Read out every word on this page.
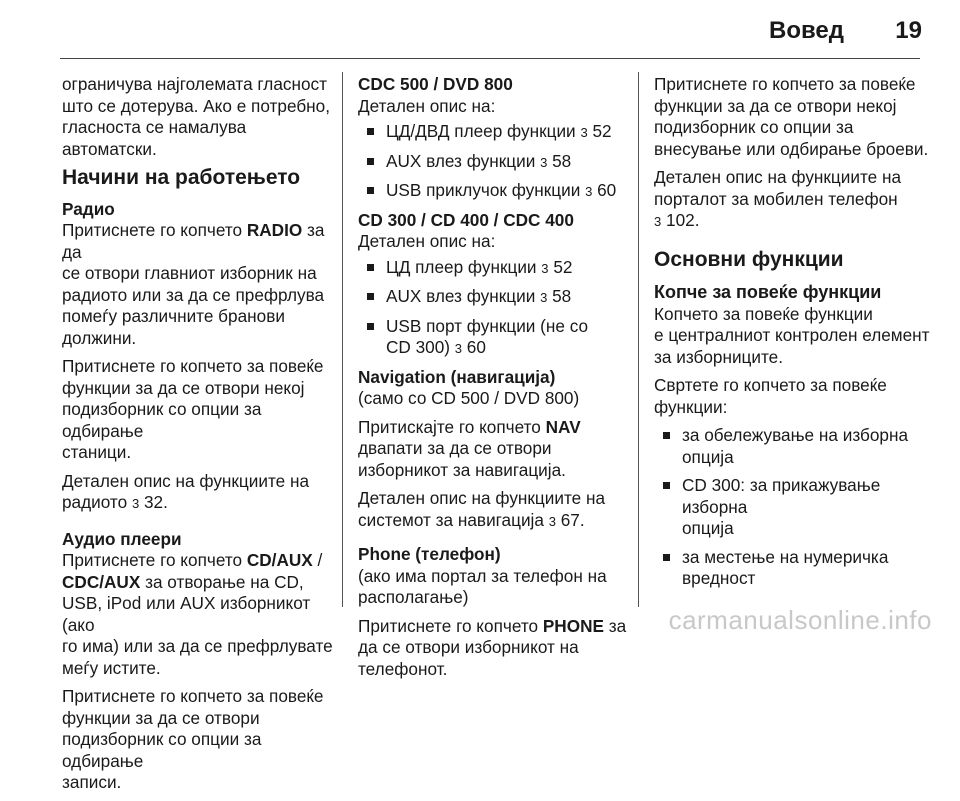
Вовед 19

ограничува најголемата гласност
што се дотерува. Ако е потребно,
гласноста се намалува автоматски.

Начини на работењето
Радио

Притиснете го копчето RADIO за да
се отвори главниот изборник на
радиото или за да се префрлува
помеѓу различните бранови
должини.

Притиснете го копчето за повеќе
функции за да се отвори некој
подизборник со опции за одбирање
станици.

Детален опис на функциите на
радиото 3 32.

Аудио плеери

Притиснете го копчето CD/AUX /
CDC/AUX за отворање на CD,
USB, iPod или AUX изборникот (ако
го има) или за да се префрлувате
меѓу истите.

Притиснете го копчето за повеќе
функции за да се отвори
подизборник со опции за одбирање
записи.

CDC 500 / DVD 800

Детален опис на:

ЦД/ДВД плеер функции 3 52
AUX влез функции 3 58
USB приклучок функции 3 60
CD 300 / CD 400 / CDC 400

Детален опис на:

ЦД плеер функции 3 52
AUX влез функции 3 58
USB порт функции (не со
CD 300) 3 60
Navigation (навигација)

(само со CD 500 / DVD 800)

Притискајте го копчето NAV
двапати за да се отвори
изборникот за навигација.

Детален опис на функциите на
системот за навигација 3 67.

Phone (телефон)

(ако има портал за телефон на
располагање)

Притиснете го копчето PHONE за
да се отвори изборникот на
телефонот.

Притиснете го копчето за повеќе
функции за да се отвори некој
подизборник со опции за
внесување или одбирање броеви.

Детален опис на функциите на
порталот за мобилен телефон
3 102.

Основни функции
Копче за повеќе функции

Копчето за повеќе функции
е централниот контролен елемент
за изборниците.

Свртете го копчето за повеќе
функции:

за обележување на изборна
опција
CD 300: за прикажување изборна
опција
за местење на нумеричка
вредност
carmanualsonline.info
